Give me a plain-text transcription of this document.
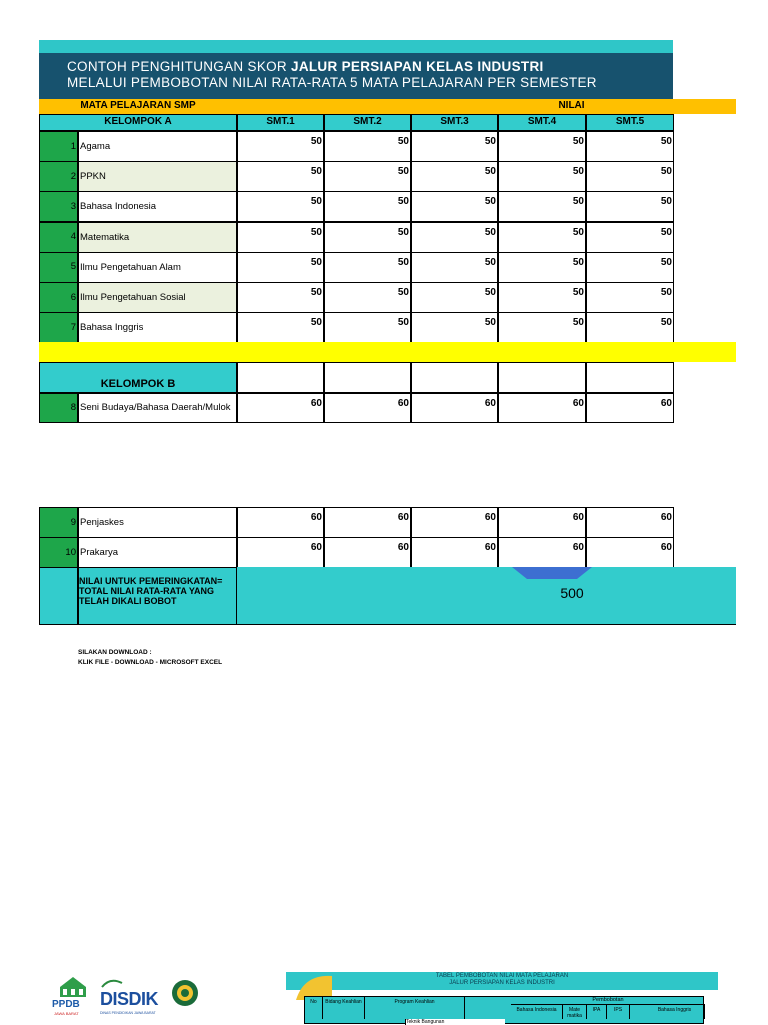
CONTOH PENGHITUNGAN SKOR JALUR PERSIAPAN KELAS INDUSTRI
MELALUI PEMBOBOTAN NILAI RATA-RATA 5 MATA PELAJARAN PER SEMESTER
MATA PELAJARAN SMP	NILAI
KELOMPOK A	SMT.1	SMT.2	SMT.3	SMT.4	SMT.5
1 Agama	50	50	50	50	50
2 PPKN	50	50	50	50	50
3 Bahasa Indonesia	50	50	50	50	50
4 Matematika	50	50	50	50	50
5 Ilmu Pengetahuan Alam	50	50	50	50	50
6 Ilmu Pengetahuan Sosial	50	50	50	50	50
7 Bahasa Inggris	50	50	50	50	50
KELOMPOK B
8 Seni Budaya/Bahasa Daerah/Mulok	60	60	60	60	60
9 Penjaskes	60	60	60	60	60
10 Prakarya	60	60	60	60	60
NILAI UNTUK PEMERINGKATAN=
TOTAL NILAI RATA-RATA YANG
TELAH DIKALI BOBOT	500
SILAKAN DOWNLOAD :
KLIK FILE - DOWNLOAD - MICROSOFT EXCEL
PPDB
JAWA BARAT
DISDIK
DINAS PENDIDIKAN JAWA BARAT
TABEL PEMBOBOTAN NILAI MATA PELAJARAN
JALUR PERSIAPAN KELAS INDUSTRI
Pembobotan
No	Bidang Keahlian	Program Keahlian
Bahasa Indonesia	Mate matika
IPA	IPS	Bahasa Inggris
Teknik Bangunan
